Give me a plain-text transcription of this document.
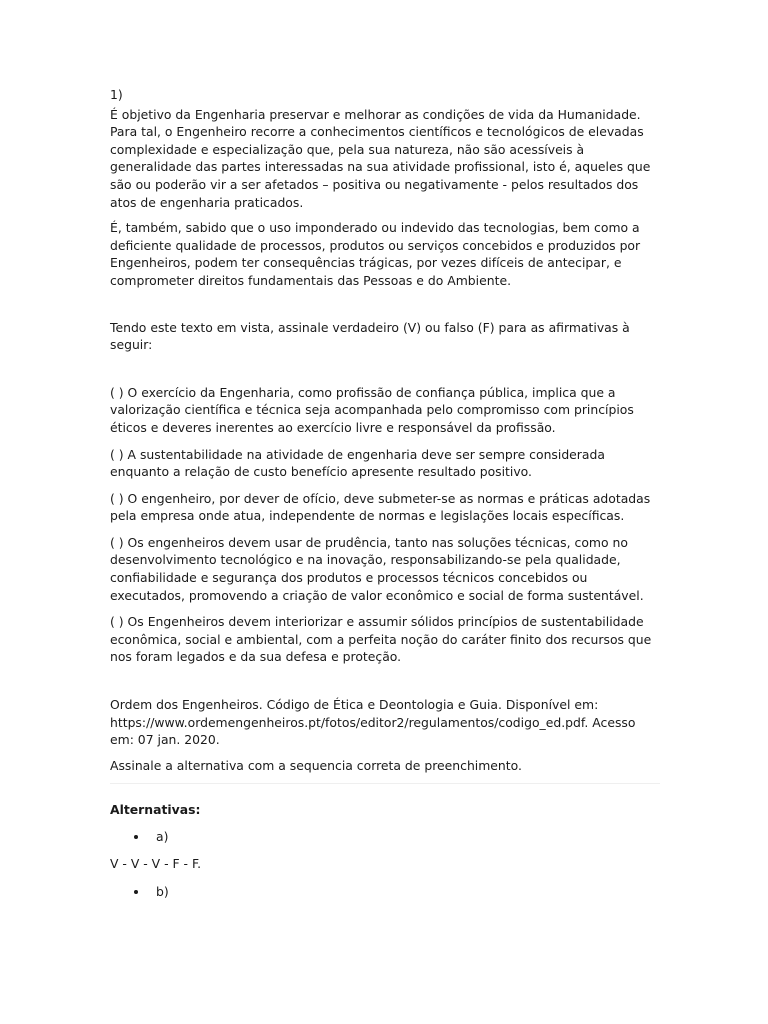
1)

É objetivo da Engenharia preservar e melhorar as condições de vida da Humanidade. Para tal, o Engenheiro recorre a conhecimentos científicos e tecnológicos de elevadas complexidade e especialização que, pela sua natureza, não são acessíveis à generalidade das partes interessadas na sua atividade profissional, isto é, aqueles que são ou poderão vir a ser afetados – positiva ou negativamente - pelos resultados dos atos de engenharia praticados.

É, também, sabido que o uso imponderado ou indevido das tecnologias, bem como a deficiente qualidade de processos, produtos ou serviços concebidos e produzidos por Engenheiros, podem ter consequências trágicas, por vezes difíceis de antecipar, e comprometer direitos fundamentais das Pessoas e do Ambiente.

Tendo este texto em vista, assinale verdadeiro (V) ou falso (F) para as afirmativas à seguir:

( ) O exercício da Engenharia, como profissão de confiança pública, implica que a valorização científica e técnica seja acompanhada pelo compromisso com princípios éticos e deveres inerentes ao exercício livre e responsável da profissão.

( ) A sustentabilidade na atividade de engenharia deve ser sempre considerada enquanto a relação de custo benefício apresente resultado positivo.

( ) O engenheiro, por dever de ofício, deve submeter-se as normas e práticas adotadas pela empresa onde atua, independente de normas e legislações locais específicas.

( ) Os engenheiros devem usar de prudência, tanto nas soluções técnicas, como no desenvolvimento tecnológico e na inovação, responsabilizando-se pela qualidade, confiabilidade e segurança dos produtos e processos técnicos concebidos ou executados, promovendo a criação de valor econômico e social de forma sustentável.

( ) Os Engenheiros devem interiorizar e assumir sólidos princípios de sustentabilidade econômica, social e ambiental, com a perfeita noção do caráter finito dos recursos que nos foram legados e da sua defesa e proteção.

Ordem dos Engenheiros. Código de Ética e Deontologia e Guia. Disponível em: https://www.ordemengenheiros.pt/fotos/editor2/regulamentos/codigo_ed.pdf. Acesso em: 07 jan. 2020.

Assinale a alternativa com a sequencia correta de preenchimento.

Alternativas:

a)

V - V - V - F - F.

b)
